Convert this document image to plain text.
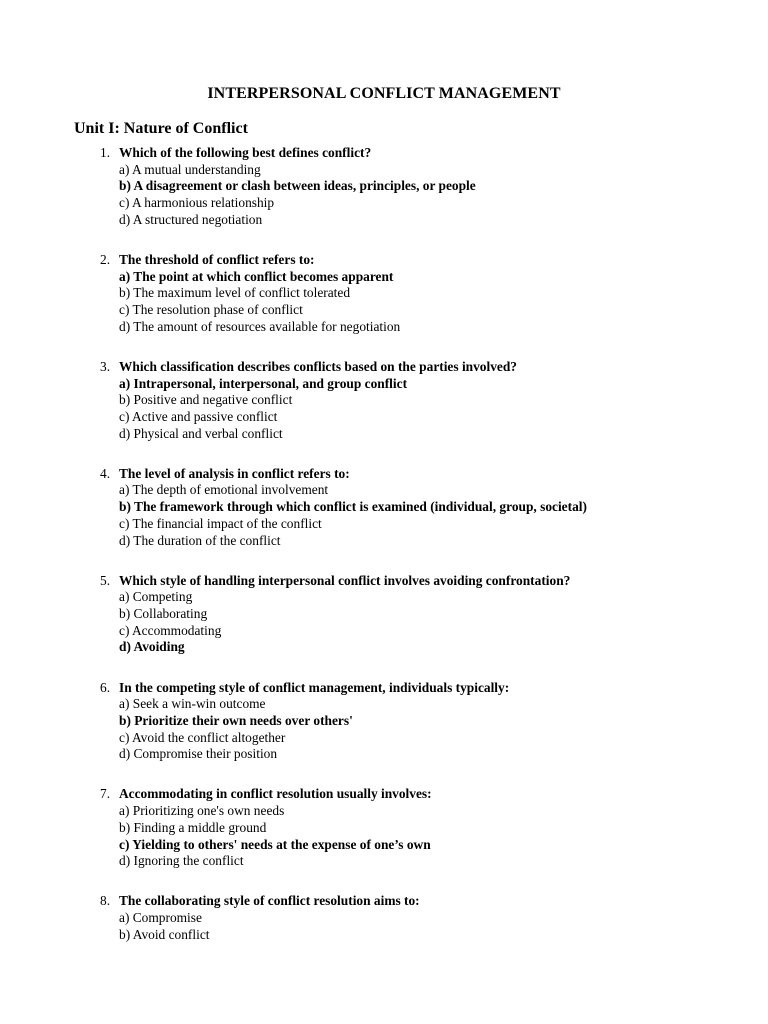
INTERPERSONAL CONFLICT MANAGEMENT
Unit I: Nature of Conflict
1. Which of the following best defines conflict?
a) A mutual understanding
b) A disagreement or clash between ideas, principles, or people
c) A harmonious relationship
d) A structured negotiation
2. The threshold of conflict refers to:
a) The point at which conflict becomes apparent
b) The maximum level of conflict tolerated
c) The resolution phase of conflict
d) The amount of resources available for negotiation
3. Which classification describes conflicts based on the parties involved?
a) Intrapersonal, interpersonal, and group conflict
b) Positive and negative conflict
c) Active and passive conflict
d) Physical and verbal conflict
4. The level of analysis in conflict refers to:
a) The depth of emotional involvement
b) The framework through which conflict is examined (individual, group, societal)
c) The financial impact of the conflict
d) The duration of the conflict
5. Which style of handling interpersonal conflict involves avoiding confrontation?
a) Competing
b) Collaborating
c) Accommodating
d) Avoiding
6. In the competing style of conflict management, individuals typically:
a) Seek a win-win outcome
b) Prioritize their own needs over others'
c) Avoid the conflict altogether
d) Compromise their position
7. Accommodating in conflict resolution usually involves:
a) Prioritizing one's own needs
b) Finding a middle ground
c) Yielding to others' needs at the expense of one’s own
d) Ignoring the conflict
8. The collaborating style of conflict resolution aims to:
a) Compromise
b) Avoid conflict
